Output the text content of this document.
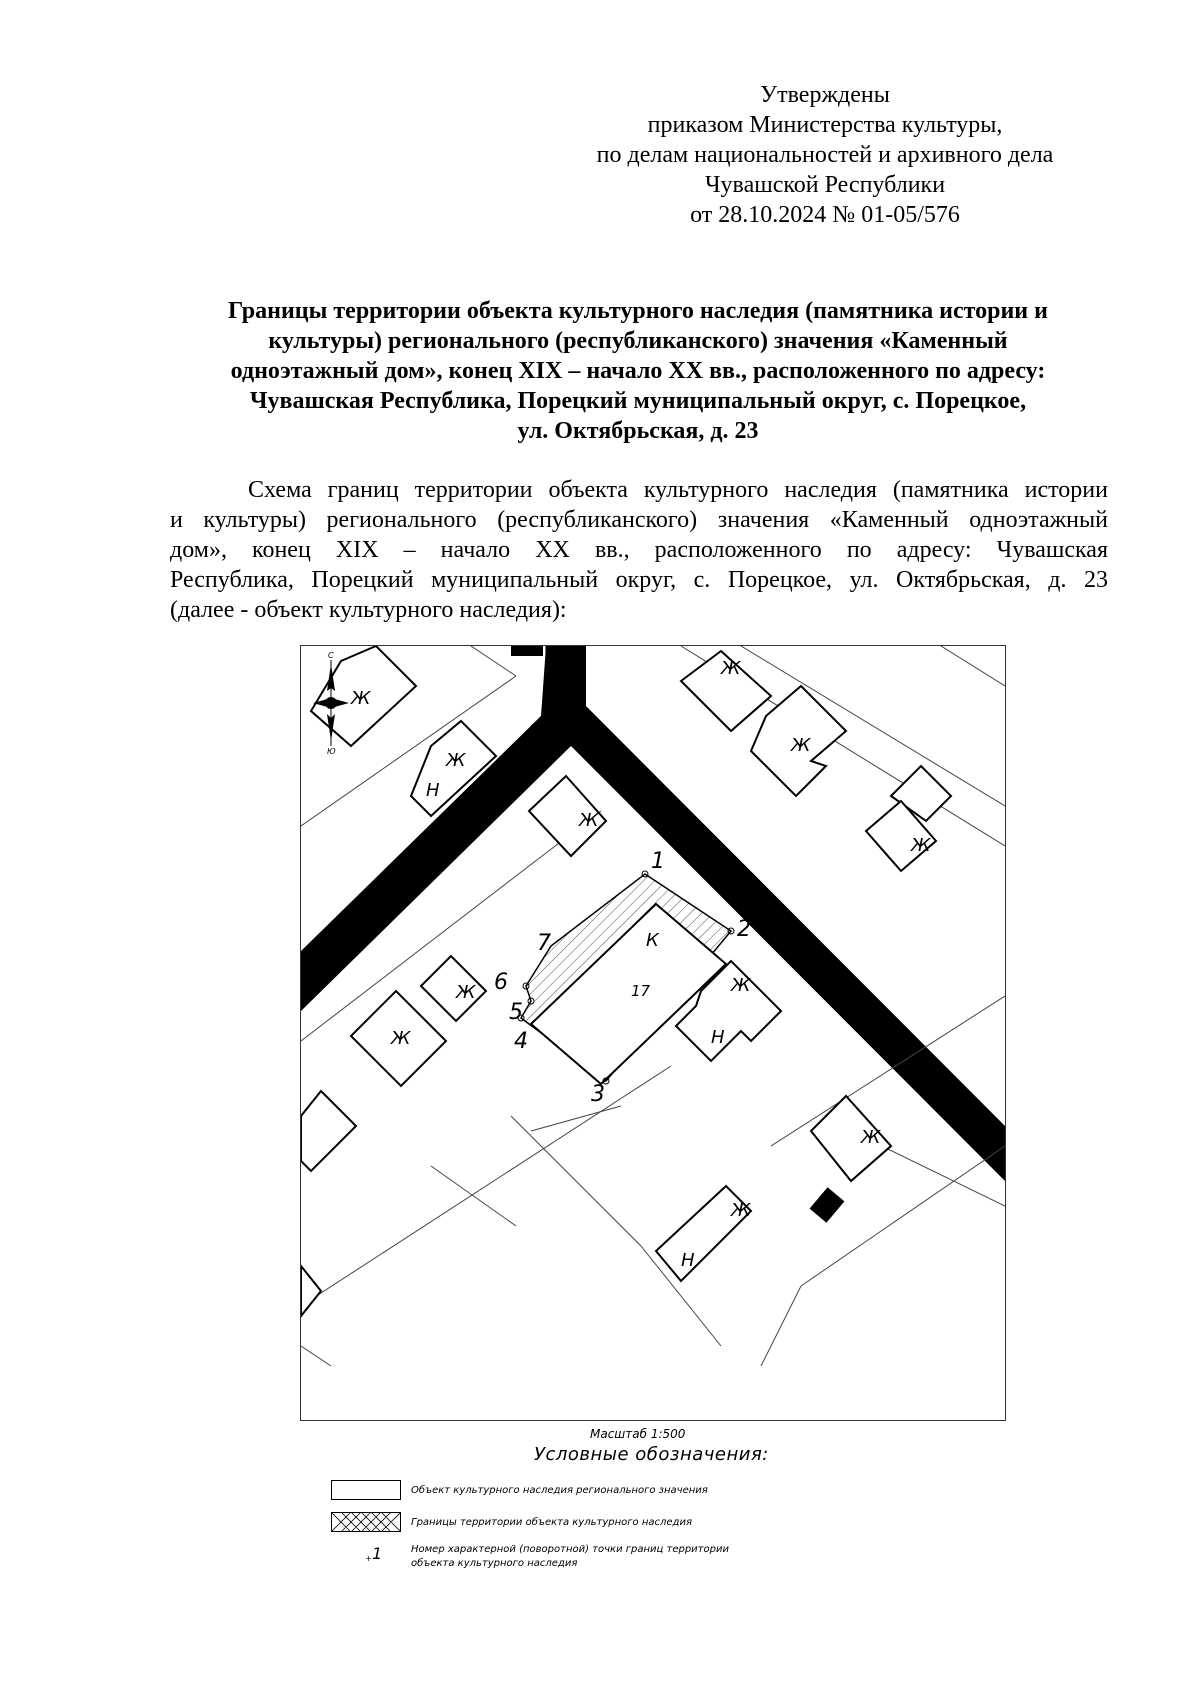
Утверждены
приказом Министерства культуры,
по делам национальностей и архивного дела
Чувашской Республики
от 28.10.2024 № 01-05/576
Границы территории объекта культурного наследия (памятника истории и
культуры) регионального (республиканского) значения «Каменный
одноэтажный дом», конец XIX – начало XX вв., расположенного по адресу:
Чувашская Республика, Порецкий муниципальный округ, с. Порецкое,
ул. Октябрьская, д. 23
Схема границ территории объекта культурного наследия (памятника истории
и культуры) регионального (республиканского) значения «Каменный одноэтажный
дом», конец XIX – начало XX вв., расположенного по адресу: Чувашская
Республика, Порецкий муниципальный округ, с. Порецкое, ул. Октябрьская, д. 23
(далее - объект культурного наследия):
С
Ю
Ж
Ж
Н
Ж
Ж
Ж
Ж
Ж
Ж
Ж
Н
Ж
Ж
Н
К
17
1
2
3
4
5
6
7
Масштаб 1:500
Условные обозначения:
Объект культурного наследия регионального значения
Границы территории объекта культурного наследия
+ 1	Номер характерной (поворотной) точки границ территории
объекта культурного наследия
